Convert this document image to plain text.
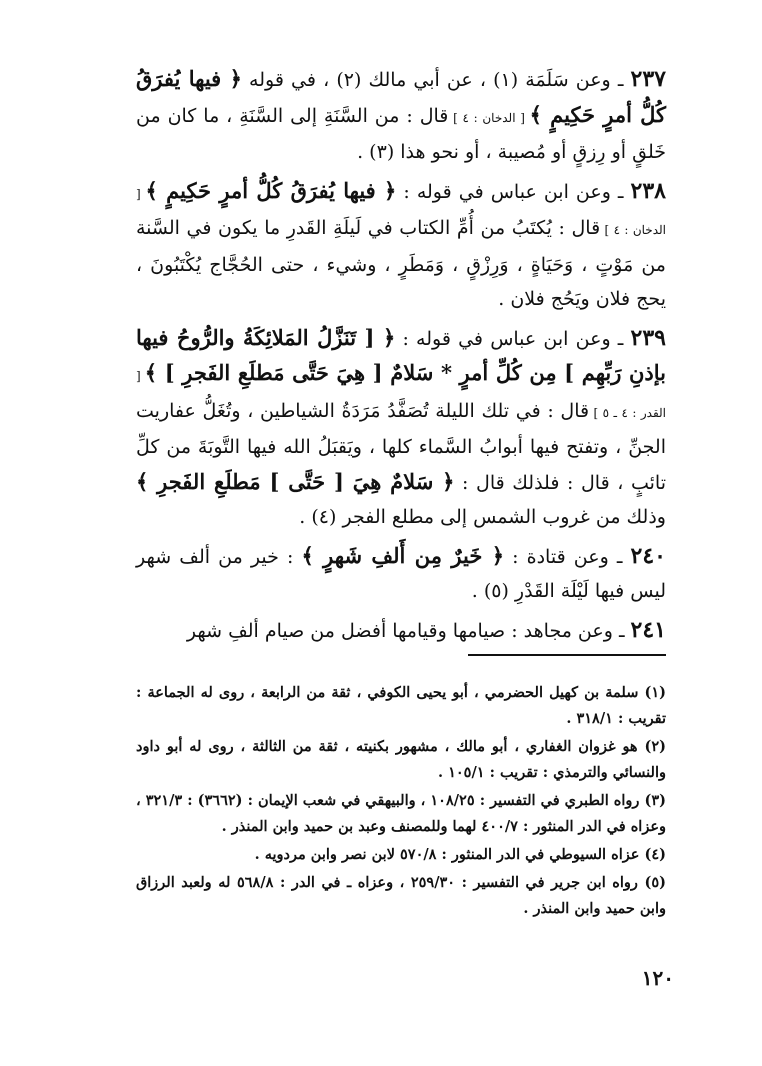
٢٣٧ ـ وعن سَلَمَة (١) ، عن أبي مالك (٢) ، في قوله ﴿ فيها يُفرَقُ كُلُّ أمرٍ حَكِيمٍ ﴾ [ الدخان : ٤ ] قال : من السَّنَةِ إلى السَّنَةِ ، ما كان من خَلقٍ أو رِزقٍ أو مُصيبة ، أو نحو هذا (٣) .

٢٣٨ ـ وعن ابن عباس في قوله : ﴿ فيها يُفرَقُ كُلُّ أمرٍ حَكِيمٍ ﴾ [ الدخان : ٤ ] قال : يُكتَبُ من أُمِّ الكتاب في لَيلَةِ القَدرِ ما يكون في السَّنة من مَوْتٍ ، وَحَيَاةٍ ، وَرِزْقٍ ، وَمَطَرٍ ، وشيء ، حتى الحُجَّاج يُكْتَبُونَ ، يحج فلان ويَحُج فلان .

٢٣٩ ـ وعن ابن عباس في قوله : ﴿ [ تَنَزَّلُ المَلائِكَةُ والرُّوحُ فيها بإذنِ رَبِّهِم ] مِن كُلِّ أمرٍ * سَلامٌ [ هِيَ حَتَّى مَطلَعِ الفَجرِ ] ﴾ [ القدر : ٤ ـ ٥ ] قال : في تلك الليلة تُصَفَّدُ مَرَدَةُ الشياطين ، وتُغَلُّ عفاريت الجنِّ ، وتفتح فيها أبوابُ السَّماء كلها ، ويَقبَلُ الله فيها التَّوبَةَ من كلِّ تائبٍ ، قال : فلذلك قال : ﴿ سَلامٌ هِيَ [ حَتَّى ] مَطلَعِ الفَجرِ ﴾ وذلك من غروب الشمس إلى مطلع الفجر (٤) .

٢٤٠ ـ وعن قتادة : ﴿ خَيرٌ مِن أَلفِ شَهرٍ ﴾ : خير من ألف شهر ليس فيها لَيْلَة القَدْرِ (٥) .

٢٤١ ـ وعن مجاهد : صيامها وقيامها أفضل من صيام ألفِ شهر

(١) سلمة بن كهيل الحضرمي ، أبو يحيى الكوفي ، ثقة من الرابعة ، روى له الجماعة : تقريب : ٣١٨/١ .

(٢) هو غزوان الغفاري ، أبو مالك ، مشهور بكنيته ، ثقة من الثالثة ، روى له أبو داود والنسائي والترمذي : تقريب : ١٠٥/١ .

(٣) رواه الطبري في التفسير : ١٠٨/٢٥ ، والبيهقي في شعب الإيمان : (٣٦٦٢) : ٣٢١/٣ ، وعزاه في الدر المنثور : ٤٠٠/٧ لهما وللمصنف وعبد بن حميد وابن المنذر .

(٤) عزاه السيوطي في الدر المنثور : ٥٧٠/٨ لابن نصر وابن مردويه .

(٥) رواه ابن جرير في التفسير : ٢٥٩/٣٠ ، وعزاه ـ في الدر : ٥٦٨/٨ له ولعبد الرزاق وابن حميد وابن المنذر .

١٢٠
